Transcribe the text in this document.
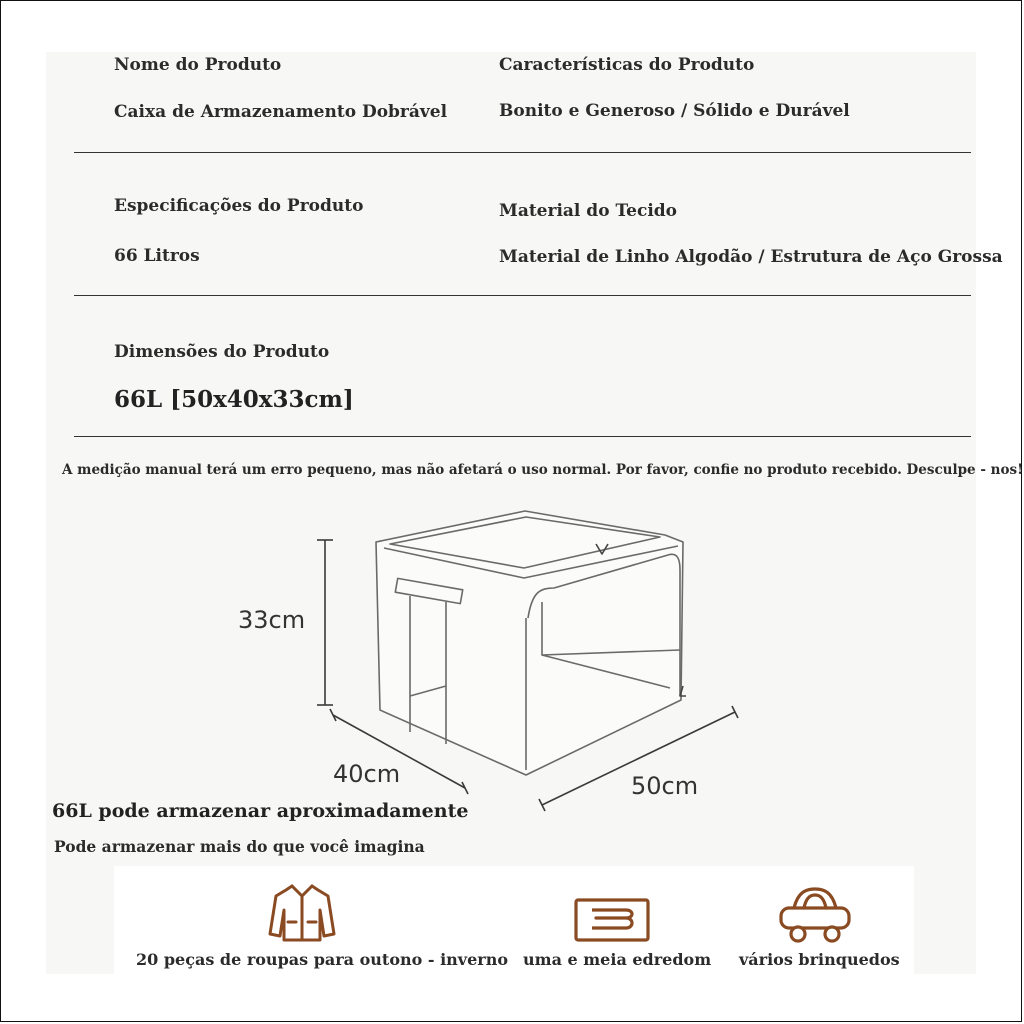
Nome do Produto
Caixa de Armazenamento Dobrável
Características do Produto
Bonito e Generoso / Sólido e Durável
Especificações do Produto
66 Litros
Material do Tecido
Material de Linho Algodão / Estrutura de Aço Grossa
Dimensões do Produto
66L [50x40x33cm]
A medição manual terá um erro pequeno, mas não afetará o uso normal. Por favor, confie no produto recebido. Desculpe - nos!
33cm
40cm	50cm
66L pode armazenar aproximadamente
Pode armazenar mais do que você imagina
20 peças de roupas para outono - inverno uma e meia edredom vários brinquedos
